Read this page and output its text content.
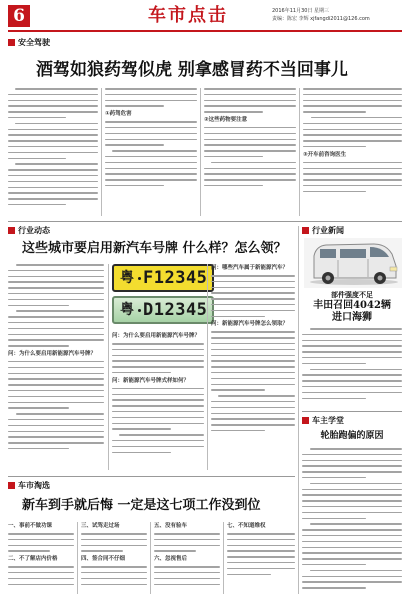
6	车市点击	2016年11月30日 星期三
责编：陈宏 李辉 xjfangdi2011@126.com
安全驾驶
酒驾如狼药驾似虎 别拿感冒药不当回事儿
①药驾危害
②这些药物要注意
③开车前咨询医生
行业动态
这些城市要启用新汽车号牌 什么样？怎么领？
问：为什么要启用新能源汽车号牌？
粤 F12345
粤 D12345
问：为什么要启用新能源汽车号牌？
问：新能源汽车号牌式样如何？
问：哪些汽车属于新能源汽车？
问：新能源汽车号牌怎么领取？
行业新闻
部件强度不足
丰田召回4042辆
进口海狮
车主学堂
轮胎跑偏的原因
车市淘选
新车到手就后悔 一定是这七项工作没到位
一、事前不做功课
二、不了解店内价格
三、试驾走过场
四、签合同不仔细
五、没有验车
六、忽视售后
七、不知道维权
